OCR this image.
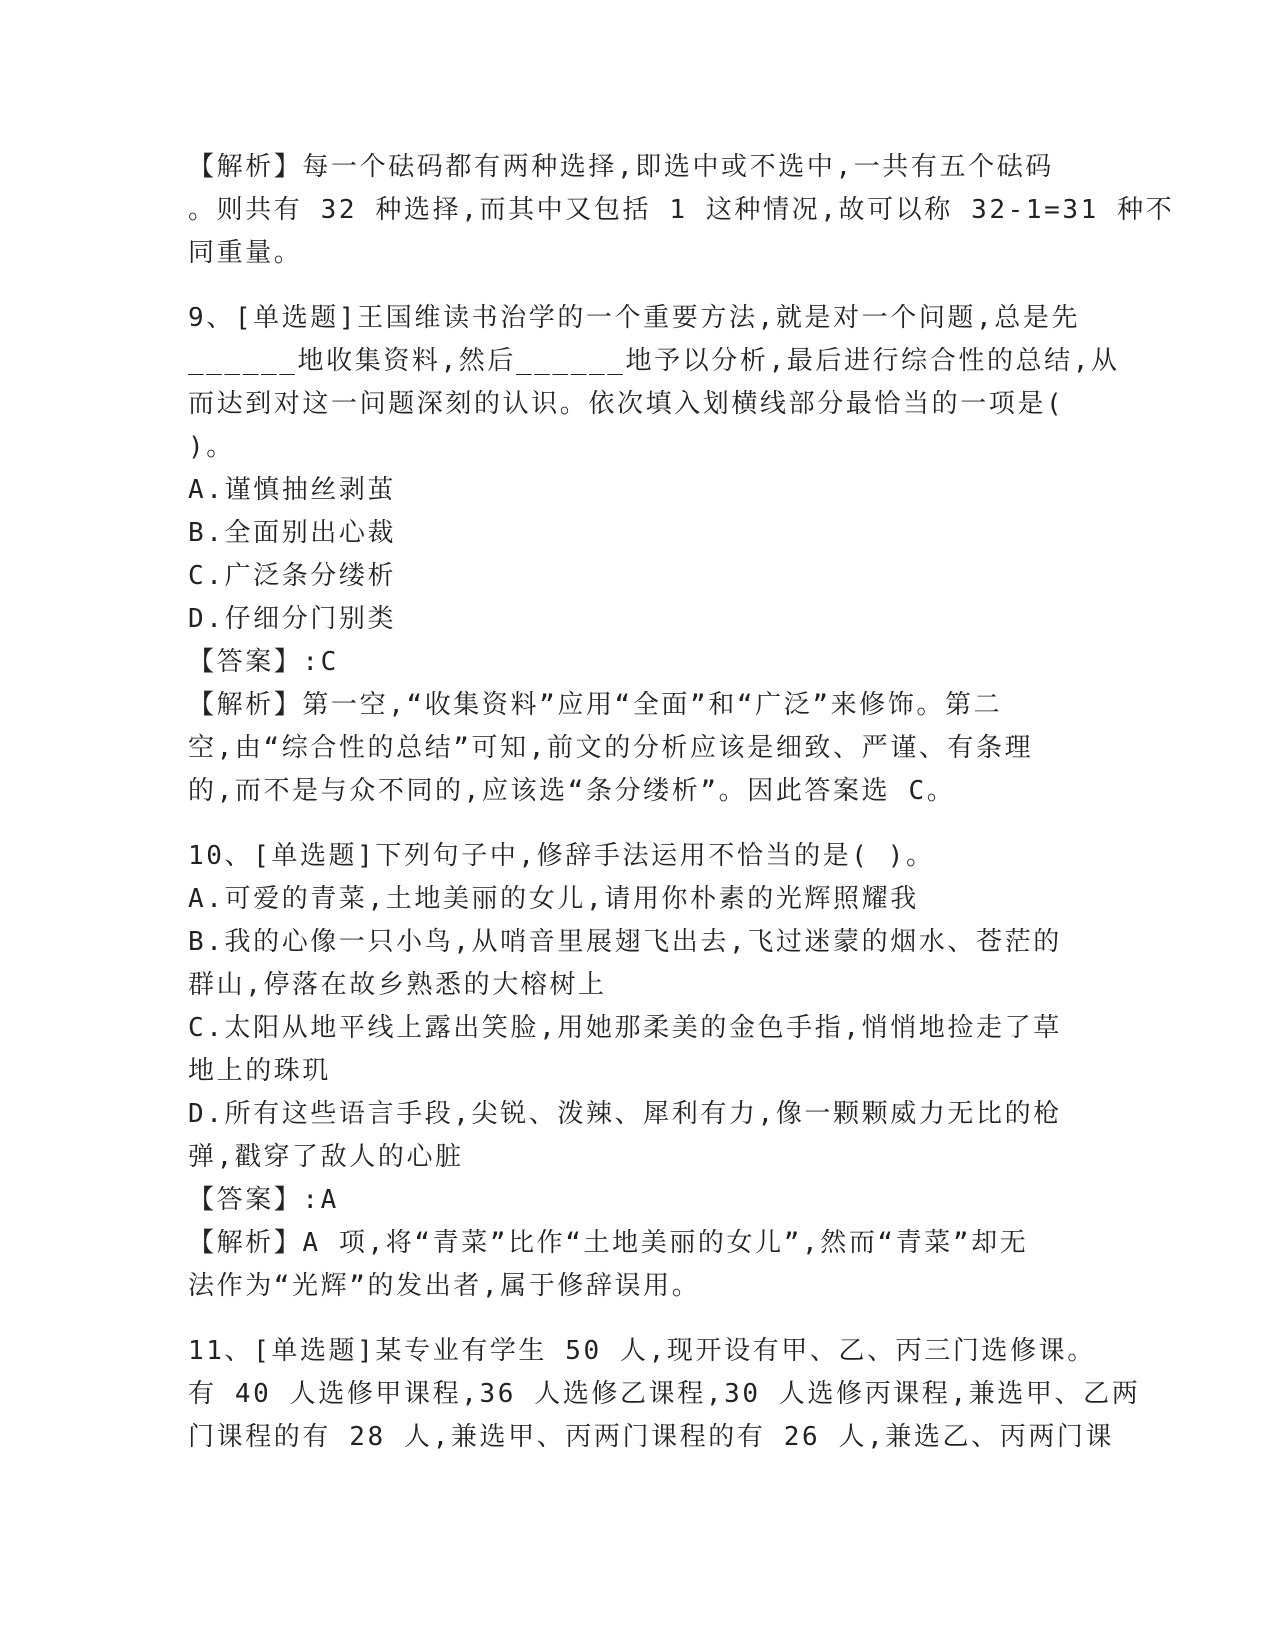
【解析】每一个砝码都有两种选择,即选中或不选中,一共有五个砝码
。则共有 32 种选择,而其中又包括 1 这种情况,故可以称 32-1=31 种不
同重量。
9、[单选题]王国维读书治学的一个重要方法,就是对一个问题,总是先
______地收集资料,然后______地予以分析,最后进行综合性的总结,从
而达到对这一问题深刻的认识。依次填入划横线部分最恰当的一项是(
)。
A.谨慎抽丝剥茧
B.全面别出心裁
C.广泛条分缕析
D.仔细分门别类
【答案】:C
【解析】第一空,“收集资料”应用“全面”和“广泛”来修饰。第二
空,由“综合性的总结”可知,前文的分析应该是细致、严谨、有条理
的,而不是与众不同的,应该选“条分缕析”。因此答案选 C。
10、[单选题]下列句子中,修辞手法运用不恰当的是( )。
A.可爱的青菜,土地美丽的女儿,请用你朴素的光辉照耀我
B.我的心像一只小鸟,从哨音里展翅飞出去,飞过迷蒙的烟水、苍茫的
群山,停落在故乡熟悉的大榕树上
C.太阳从地平线上露出笑脸,用她那柔美的金色手指,悄悄地捡走了草
地上的珠玑
D.所有这些语言手段,尖锐、泼辣、犀利有力,像一颗颗威力无比的枪
弹,戳穿了敌人的心脏
【答案】:A
【解析】A 项,将“青菜”比作“土地美丽的女儿”,然而“青菜”却无
法作为“光辉”的发出者,属于修辞误用。
11、[单选题]某专业有学生 50 人,现开设有甲、乙、丙三门选修课。
有 40 人选修甲课程,36 人选修乙课程,30 人选修丙课程,兼选甲、乙两
门课程的有 28 人,兼选甲、丙两门课程的有 26 人,兼选乙、丙两门课
